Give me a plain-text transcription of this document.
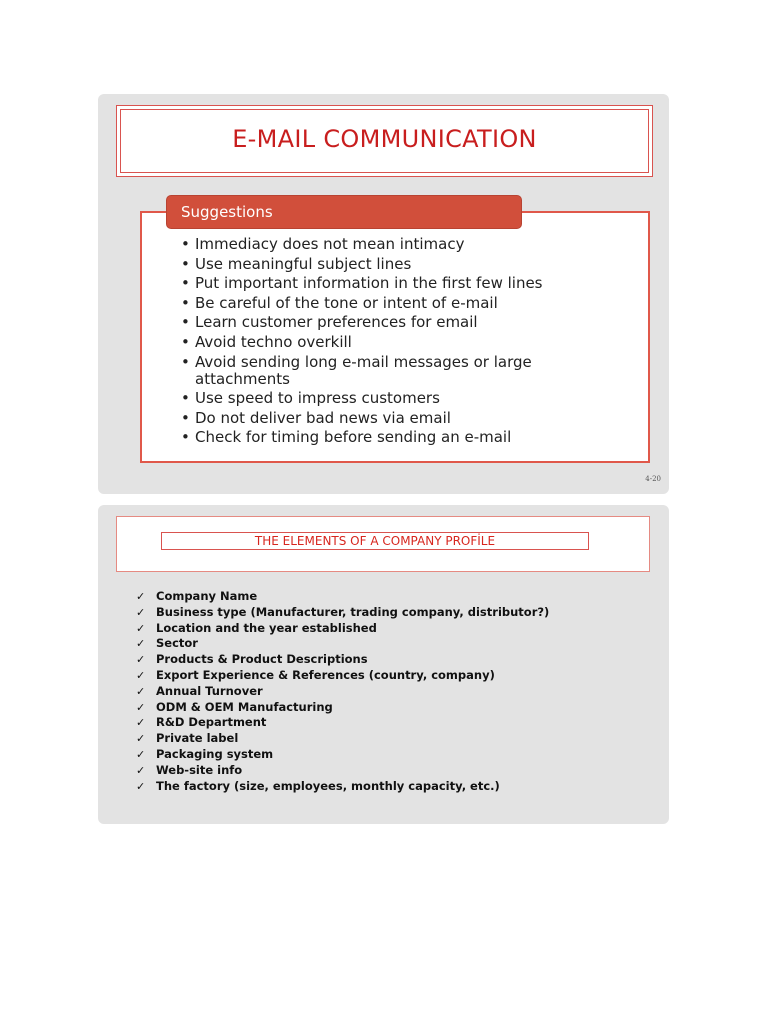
E-MAIL COMMUNICATION
Suggestions
• Immediacy does not mean intimacy
• Use meaningful subject lines
• Put important information in the first few lines
• Be careful of the tone or intent of e-mail
• Learn customer preferences for email
• Avoid techno overkill
• Avoid sending long e-mail messages or large attachments
• Use speed to impress customers
• Do not deliver bad news via email
• Check for timing before sending an e-mail
4-20
THE ELEMENTS OF A COMPANY PROFİLE
✓ Company Name
✓ Business type (Manufacturer, trading company, distributor?)
✓ Location and the year established
✓ Sector
✓ Products & Product Descriptions
✓ Export Experience & References (country, company)
✓ Annual Turnover
✓ ODM & OEM Manufacturing
✓ R&D Department
✓ Private label
✓ Packaging system
✓ Web-site info
✓ The factory (size, employees, monthly capacity, etc.)
